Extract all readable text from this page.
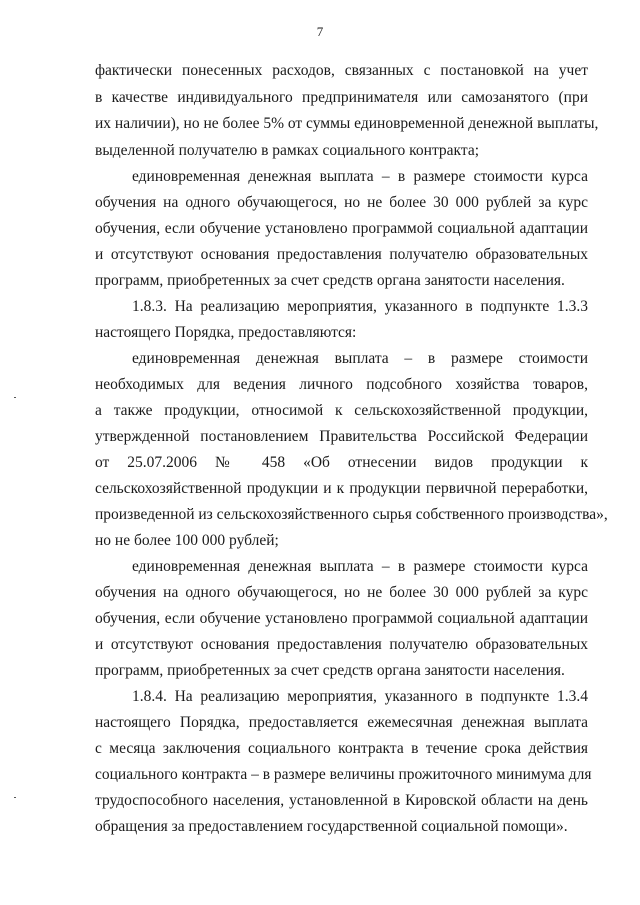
7
фактически понесенных расходов, связанных с постановкой на учет
в качестве индивидуального предпринимателя или самозанятого (при
их наличии), но не более 5% от суммы единовременной денежной выплаты,
выделенной получателю в рамках социального контракта;
единовременная денежная выплата – в размере стоимости курса
обучения на одного обучающегося, но не более 30 000 рублей за курс
обучения, если обучение установлено программой социальной адаптации
и отсутствуют основания предоставления получателю образовательных
программ, приобретенных за счет средств органа занятости населения.
1.8.3. На реализацию мероприятия, указанного в подпункте 1.3.3
настоящего Порядка, предоставляются:
единовременная денежная выплата – в размере стоимости
необходимых для ведения личного подсобного хозяйства товаров,
а также продукции, относимой к сельскохозяйственной продукции,
утвержденной постановлением Правительства Российской Федерации
от 25.07.2006 № 458 «Об отнесении видов продукции к
сельскохозяйственной продукции и к продукции первичной переработки,
произведенной из сельскохозяйственного сырья собственного производства»,
но не более 100 000 рублей;
единовременная денежная выплата – в размере стоимости курса
обучения на одного обучающегося, но не более 30 000 рублей за курс
обучения, если обучение установлено программой социальной адаптации
и отсутствуют основания предоставления получателю образовательных
программ, приобретенных за счет средств органа занятости населения.
1.8.4. На реализацию мероприятия, указанного в подпункте 1.3.4
настоящего Порядка, предоставляется ежемесячная денежная выплата
с месяца заключения социального контракта в течение срока действия
социального контракта – в размере величины прожиточного минимума для
трудоспособного населения, установленной в Кировской области на день
обращения за предоставлением государственной социальной помощи».
